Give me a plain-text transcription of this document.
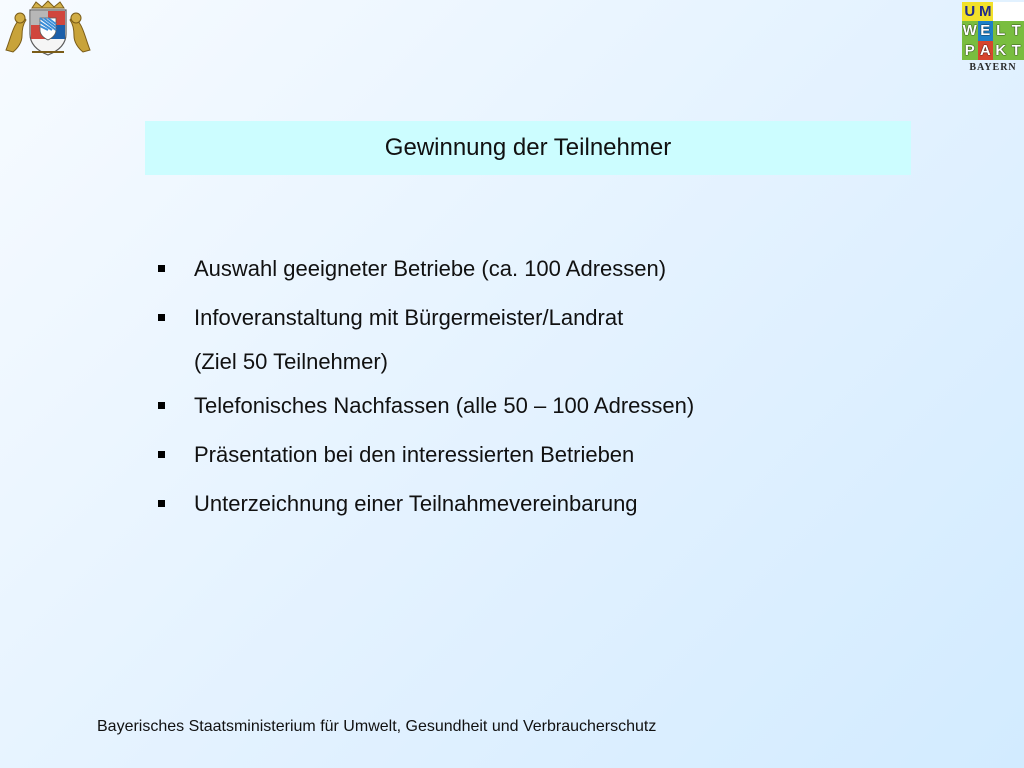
U M
W E L T
P A K T
BAYERN
Gewinnung der Teilnehmer
Auswahl geeigneter Betriebe (ca. 100 Adressen)
Infoveranstaltung mit Bürgermeister/Landrat
(Ziel 50 Teilnehmer)
Telefonisches Nachfassen (alle 50 – 100 Adressen)
Präsentation bei den interessierten Betrieben
Unterzeichnung einer Teilnahmevereinbarung
Bayerisches Staatsministerium für Umwelt, Gesundheit und Verbraucherschutz
